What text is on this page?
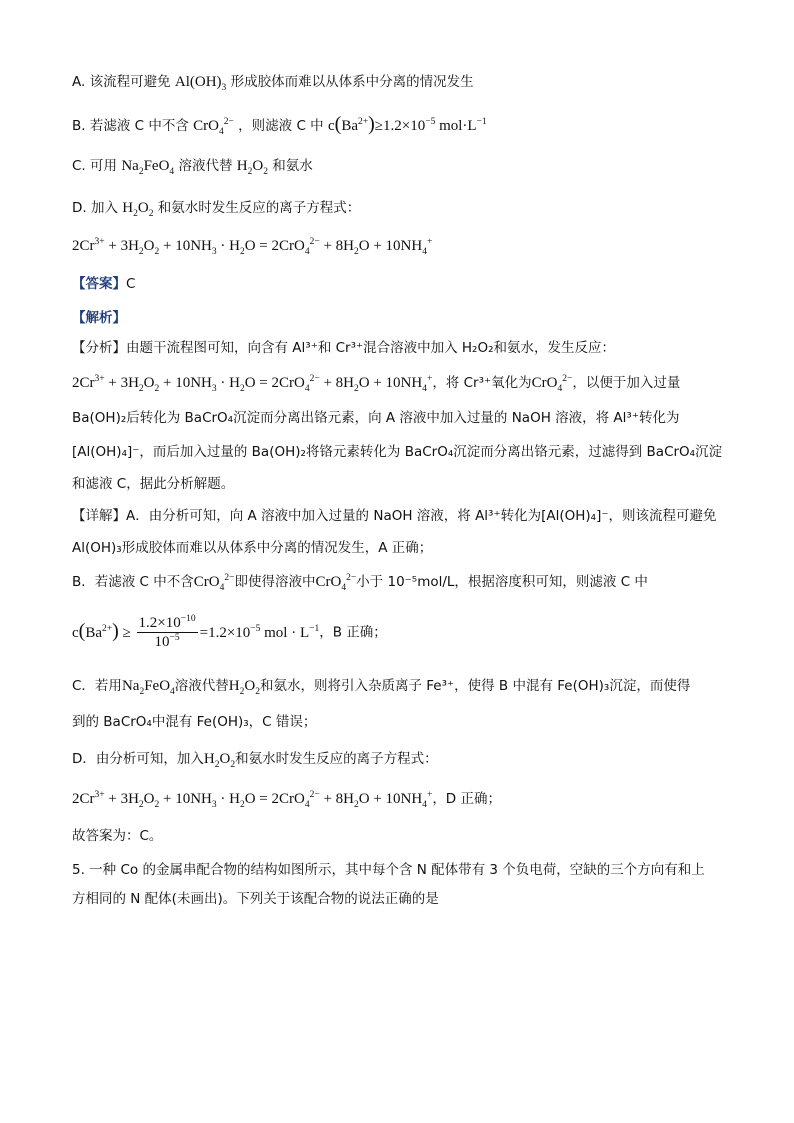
A. 该流程可避免 $Al(OH)_3$ 形成胶体而难以从体系中分离的情况发生
B. 若滤液 C 中不含 CrO$_4^{2-}$ ，则滤液 C 中 $c(Ba^{2+})\ge 1.2\times 10^{-5}$ $mol\cdot L^{-1}$
C. 可用 $Na_2FeO_4$ 溶液代替 $H_2O_2$ 和氨水
D. 加入 $H_2O_2$ 和氨水时发生反应的离子方程式：
$2Cr^{3+} + 3H_2O_2 + 10NH_3 \cdot H_2O = 2CrO_4^{2-} + 8H_2O + 10NH_4^+$
【答案】C
【解析】
【分析】由题干流程图可知，向含有 Al³⁺和 Cr³⁺混合溶液中加入 H₂O₂和氨水，发生反应：
$2Cr^{3+} + 3H_2O_2 + 10NH_3 \cdot H_2O = 2CrO_4^{2-} + 8H_2O + 10NH_4^+$，将 Cr³⁺氧化为CrO$_4^{2-}$，以便于加入过量
Ba(OH)₂后转化为 BaCrO₄沉淀而分离出铬元素，向 A 溶液中加入过量的 NaOH 溶液，将 Al³⁺转化为
[Al(OH)₄]⁻，而后加入过量的 Ba(OH)₂将铬元素转化为 BaCrO₄沉淀而分离出铬元素，过滤得到 BaCrO₄沉淀
和滤液 C，据此分析解题。
【详解】A．由分析可知，向 A 溶液中加入过量的 NaOH 溶液，将 Al³⁺转化为[Al(OH)₄]⁻，则该流程可避免
Al(OH)₃形成胶体而难以从体系中分离的情况发生，A 正确；
B．若滤液 C 中不含CrO$_4^{2-}$即使得溶液中CrO$_4^{2-}$小于 10⁻⁵mol/L，根据溶度积可知，则滤液 C 中
$c(Ba^{2+}) \ge \frac{1.2\times 10^{-10}}{10^{-5}} =1.2\times 10^{-5}$ mol · $L^{-1}$，B 正确；
C．若用$Na_2FeO_4$溶液代替$H_2O_2$和氨水，则将引入杂质离子 Fe³⁺，使得 B 中混有 Fe(OH)₃沉淀，而使得
到的 BaCrO₄中混有 Fe(OH)₃，C 错误；
D．由分析可知，加入$H_2O_2$和氨水时发生反应的离子方程式：
$2Cr^{3+} + 3H_2O_2 + 10NH_3 \cdot H_2O = 2CrO_4^{2-} + 8H_2O + 10NH_4^+$，D 正确；
故答案为：C。
5. 一种 Co 的金属串配合物的结构如图所示，其中每个含 N 配体带有 3 个负电荷，空缺的三个方向有和上
方相同的 N 配体(未画出)。下列关于该配合物的说法正确的是
